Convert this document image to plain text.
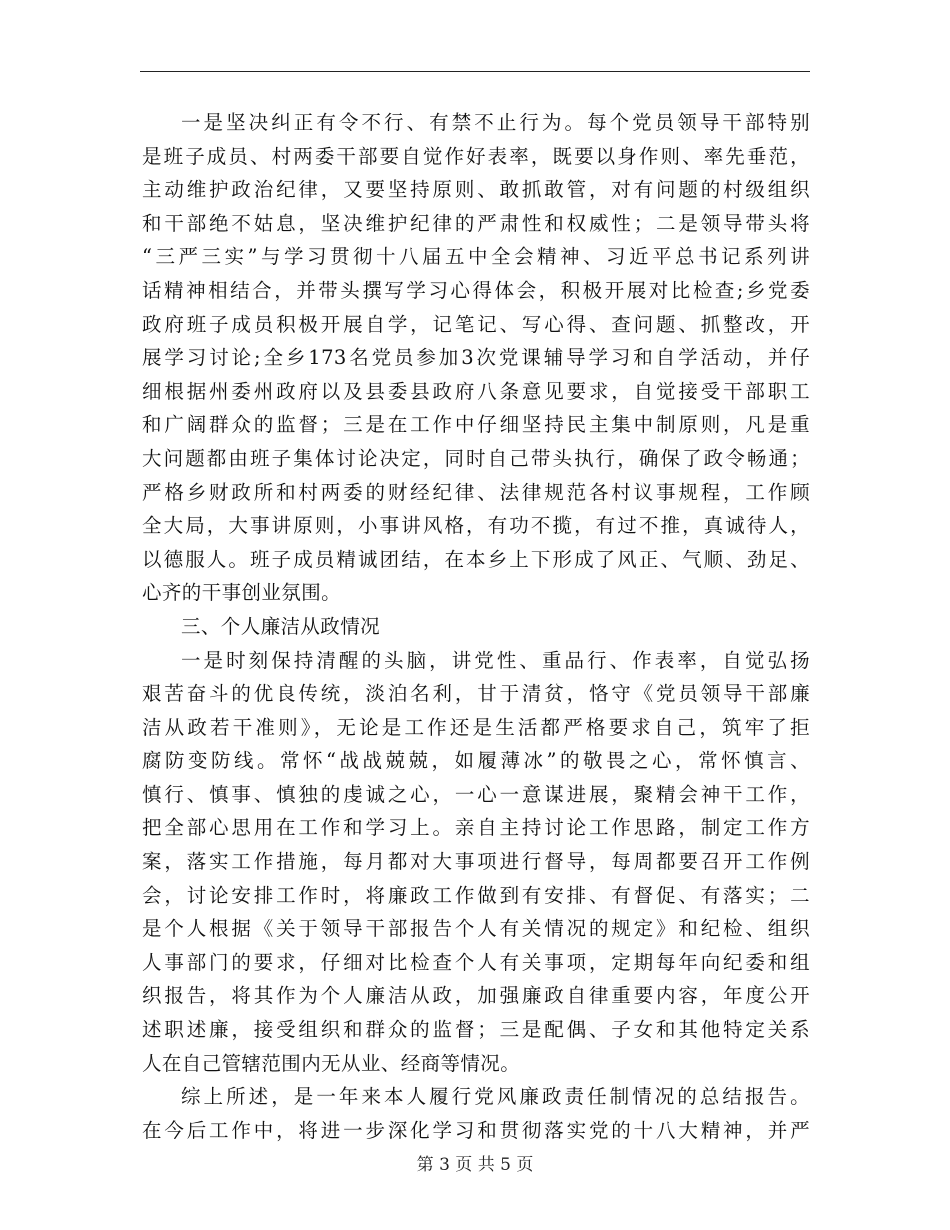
一是坚决纠正有令不行、有禁不止行为。每个党员领导干部特别
是班子成员、村两委干部要自觉作好表率，既要以身作则、率先垂范，
主动维护政治纪律，又要坚持原则、敢抓敢管，对有问题的村级组织
和干部绝不姑息，坚决维护纪律的严肃性和权威性；二是领导带头将
“三严三实”与学习贯彻十八届五中全会精神、习近平总书记系列讲
话精神相结合，并带头撰写学习心得体会，积极开展对比检查;乡党委
政府班子成员积极开展自学，记笔记、写心得、查问题、抓整改，开
展学习讨论;全乡173名党员参加3次党课辅导学习和自学活动，并仔
细根据州委州政府以及县委县政府八条意见要求，自觉接受干部职工
和广阔群众的监督；三是在工作中仔细坚持民主集中制原则，凡是重
大问题都由班子集体讨论决定，同时自己带头执行，确保了政令畅通；
严格乡财政所和村两委的财经纪律、法律规范各村议事规程，工作顾
全大局，大事讲原则，小事讲风格，有功不揽，有过不推，真诚待人，
以德服人。班子成员精诚团结，在本乡上下形成了风正、气顺、劲足、
心齐的干事创业氛围。
三、个人廉洁从政情况
一是时刻保持清醒的头脑，讲党性、重品行、作表率，自觉弘扬
艰苦奋斗的优良传统，淡泊名利，甘于清贫，恪守《党员领导干部廉
洁从政若干准则》，无论是工作还是生活都严格要求自己，筑牢了拒
腐防变防线。常怀“战战兢兢，如履薄冰”的敬畏之心，常怀慎言、
慎行、慎事、慎独的虔诚之心，一心一意谋进展，聚精会神干工作，
把全部心思用在工作和学习上。亲自主持讨论工作思路，制定工作方
案，落实工作措施，每月都对大事项进行督导，每周都要召开工作例
会，讨论安排工作时，将廉政工作做到有安排、有督促、有落实；二
是个人根据《关于领导干部报告个人有关情况的规定》和纪检、组织
人事部门的要求，仔细对比检查个人有关事项，定期每年向纪委和组
织报告，将其作为个人廉洁从政，加强廉政自律重要内容，年度公开
述职述廉，接受组织和群众的监督；三是配偶、子女和其他特定关系
人在自己管辖范围内无从业、经商等情况。
综上所述，是一年来本人履行党风廉政责任制情况的总结报告。
在今后工作中，将进一步深化学习和贯彻落实党的十八大精神，并严
第 3 页 共 5 页
